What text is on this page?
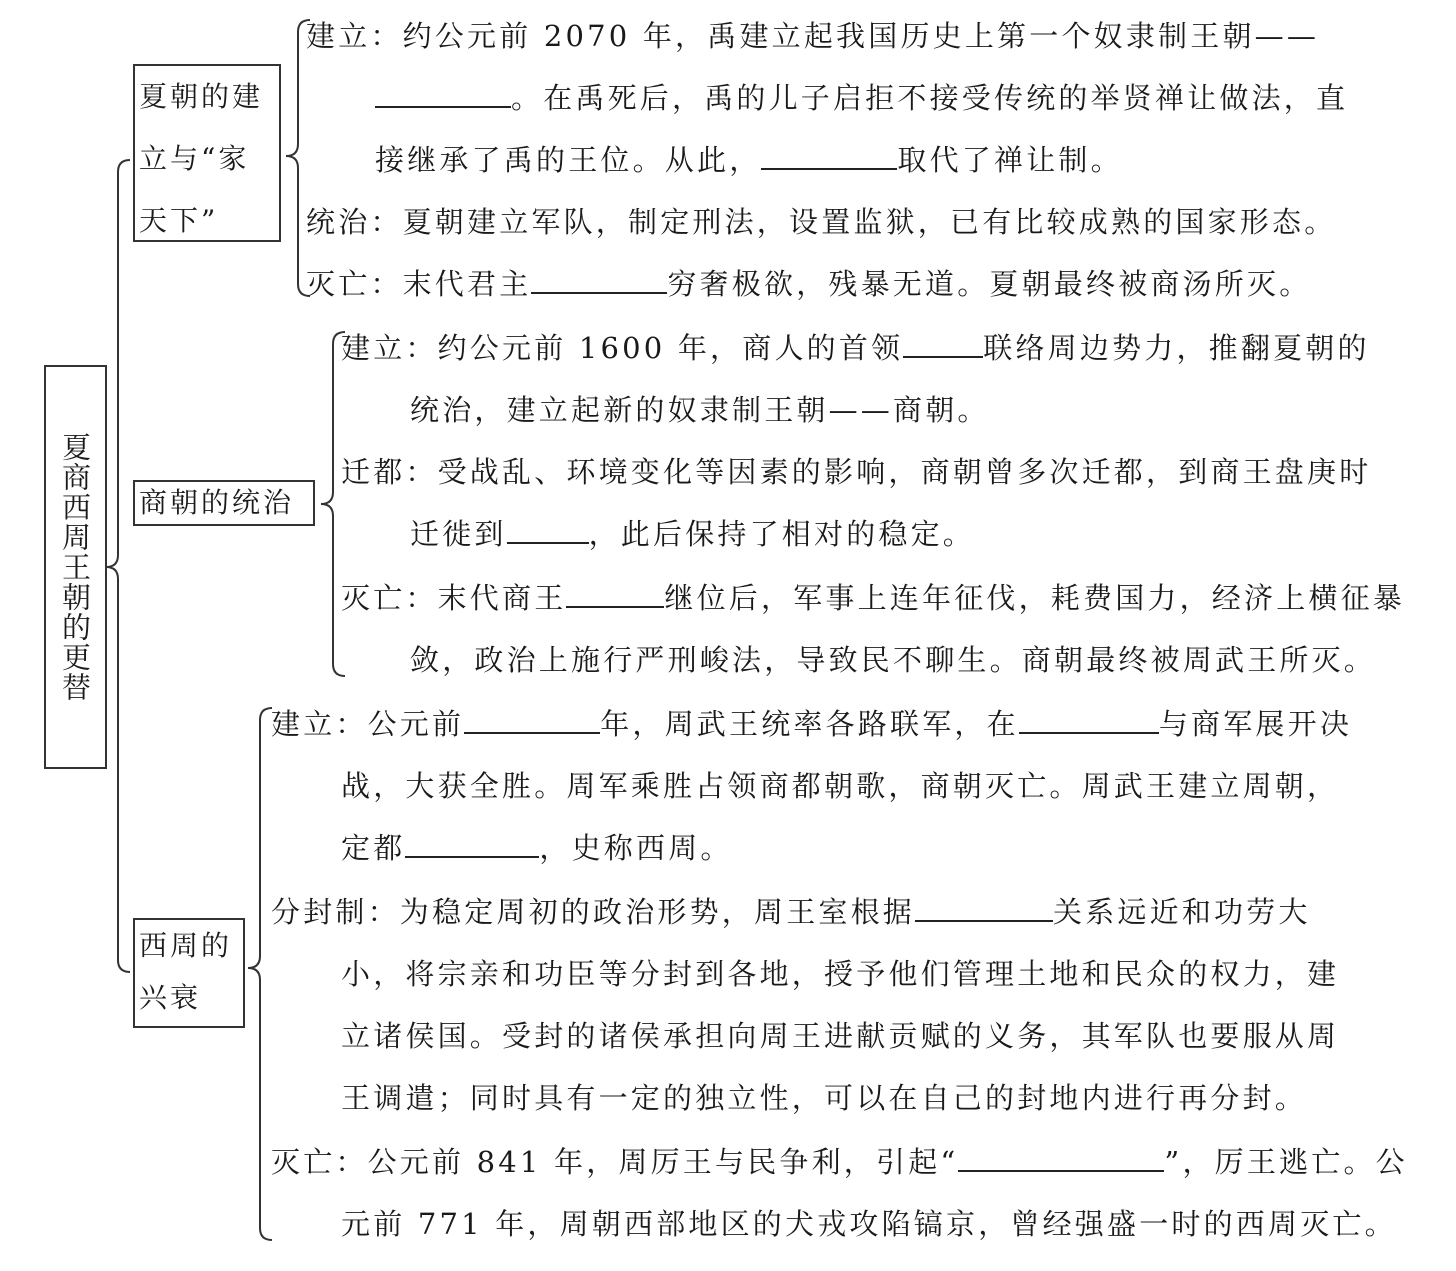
夏商西周王朝的更替
夏朝的建
立与“家
天下”
建立：约公元前 2070 年，禹建立起我国历史上第一个奴隶制王朝——
。在禹死后，禹的儿子启拒不接受传统的举贤禅让做法，直
接继承了禹的王位。从此，	取代了禅让制。
统治：夏朝建立军队，制定刑法，设置监狱，已有比较成熟的国家形态。
灭亡：末代君主	穷奢极欲，残暴无道。夏朝最终被商汤所灭。
商朝的统治
建立：约公元前 1600 年，商人的首领	联络周边势力，推翻夏朝的
统治，建立起新的奴隶制王朝——商朝。
迁都：受战乱、环境变化等因素的影响，商朝曾多次迁都，到商王盘庚时
迁徙到	，此后保持了相对的稳定。
灭亡：末代商王	继位后，军事上连年征伐，耗费国力，经济上横征暴
敛，政治上施行严刑峻法，导致民不聊生。商朝最终被周武王所灭。
西周的
兴衰
建立：公元前	年，周武王统率各路联军，在	与商军展开决
战，大获全胜。周军乘胜占领商都朝歌，商朝灭亡。周武王建立周朝，
定都	，史称西周。
分封制：为稳定周初的政治形势，周王室根据	关系远近和功劳大
小，将宗亲和功臣等分封到各地，授予他们管理土地和民众的权力，建
立诸侯国。受封的诸侯承担向周王进献贡赋的义务，其军队也要服从周
王调遣；同时具有一定的独立性，可以在自己的封地内进行再分封。
灭亡：公元前 841 年，周厉王与民争利，引起“	”，厉王逃亡。公
元前 771 年，周朝西部地区的犬戎攻陷镐京，曾经强盛一时的西周灭亡。
